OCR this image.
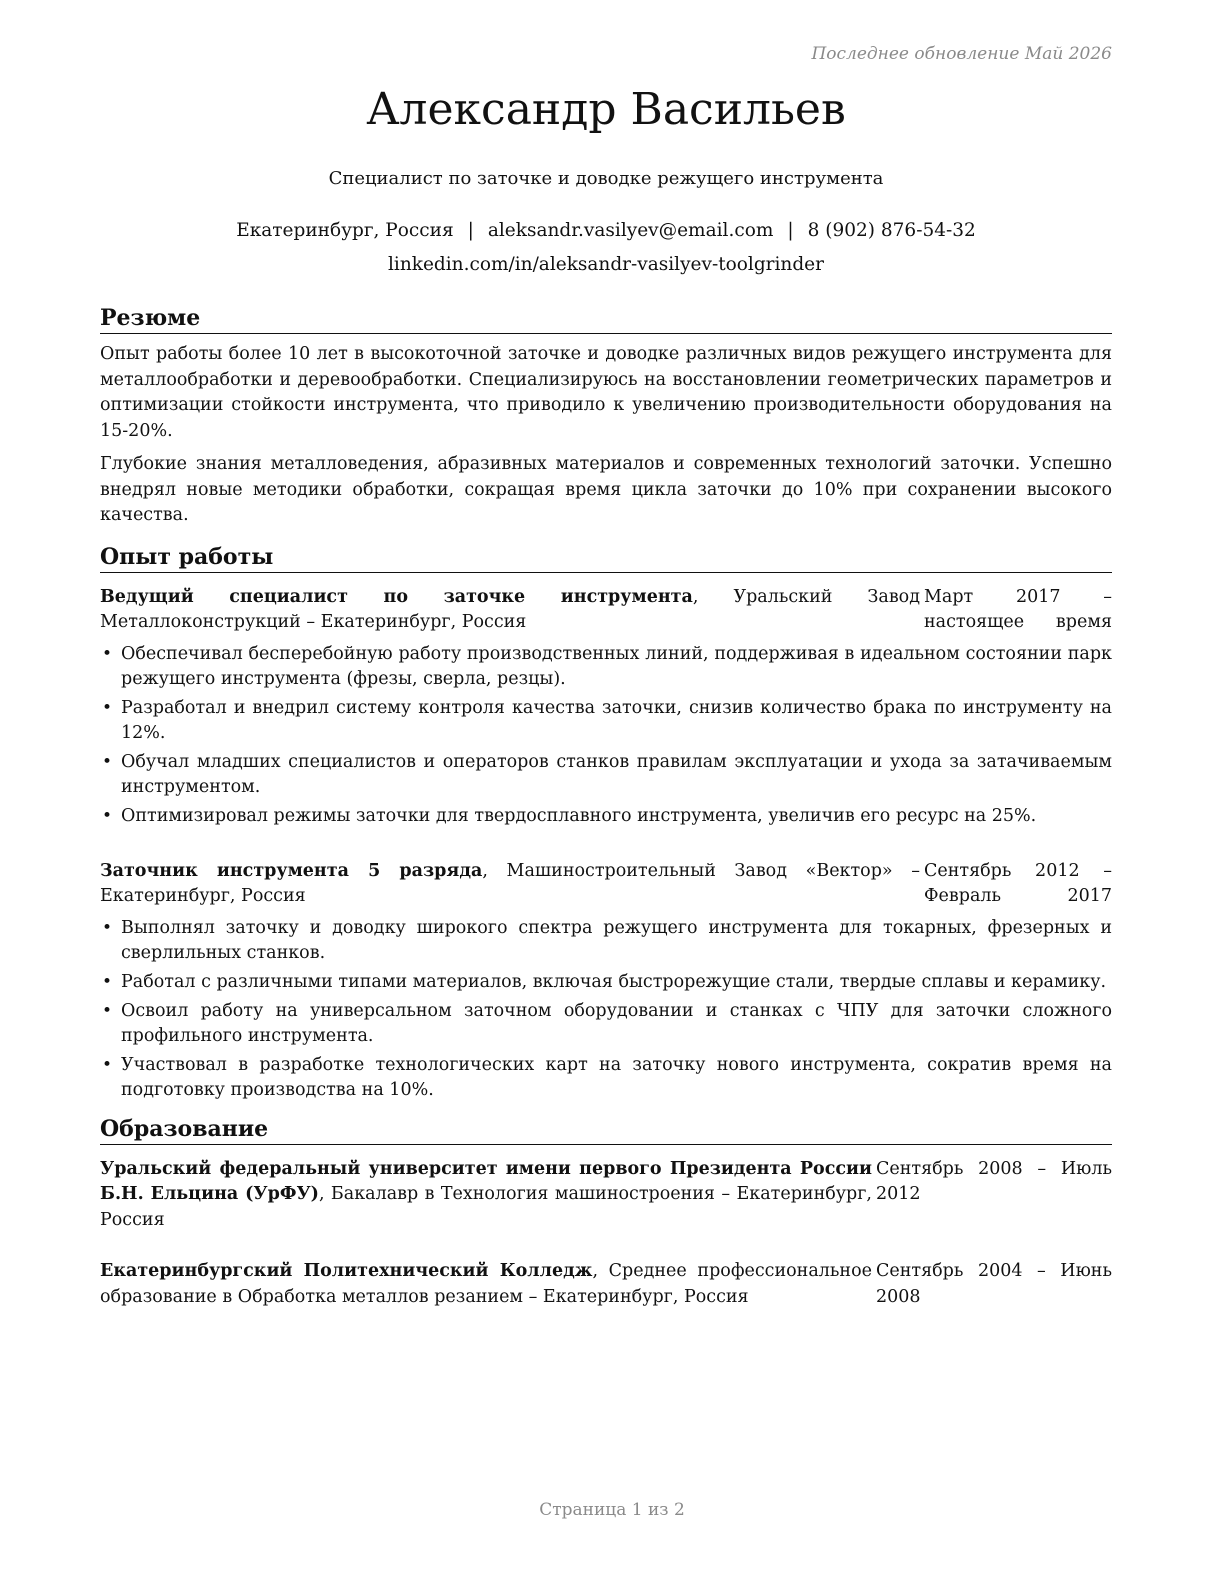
Последнее обновление Май 2026
Александр Васильев
Специалист по заточке и доводке режущего инструмента
Екатеринбург, Россия | aleksandr.vasilyev@email.com | 8 (902) 876-54-32
linkedin.com/in/aleksandr-vasilyev-toolgrinder
Резюме

Опыт работы более 10 лет в высокоточной заточке и доводке различных видов режущего инструмента для металлообработки и деревообработки. Специализируюсь на восстановлении геометрических параметров и оптимизации стойкости инструмента, что приводило к увеличению производительности оборудования на 15-20%.

Глубокие знания металловедения, абразивных материалов и современных технологий заточки. Успешно внедрял новые методики обработки, сокращая время цикла заточки до 10% при сохранении высокого качества.

Опыт работы
Ведущий специалист по заточке инструмента, Уральский Завод Металлоконструкций – Екатеринбург, Россия
Март 2017 – настоящее время
• Обеспечивал бесперебойную работу производственных линий, поддерживая в идеальном состоянии парк режущего инструмента (фрезы, сверла, резцы).
• Разработал и внедрил систему контроля качества заточки, снизив количество брака по инструменту на 12%.
• Обучал младших специалистов и операторов станков правилам эксплуатации и ухода за затачиваемым инструментом.
• Оптимизировал режимы заточки для твердосплавного инструмента, увеличив его ресурс на 25%.
Заточник инструмента 5 разряда, Машиностроительный Завод «Вектор» – Екатеринбург, Россия
Сентябрь 2012 – Февраль 2017
• Выполнял заточку и доводку широкого спектра режущего инструмента для токарных, фрезерных и сверлильных станков.
• Работал с различными типами материалов, включая быстрорежущие стали, твердые сплавы и керамику.
• Освоил работу на универсальном заточном оборудовании и станках с ЧПУ для заточки сложного профильного инструмента.
• Участвовал в разработке технологических карт на заточку нового инструмента, сократив время на подготовку производства на 10%.
Образование
Уральский федеральный университет имени первого Президента России Б.Н. Ельцина (УрФУ), Бакалавр в Технология машиностроения – Екатеринбург, Россия
Сентябрь 2008 – Июль 2012
Екатеринбургский Политехнический Колледж, Среднее профессиональное образование в Обработка металлов резанием – Екатеринбург, Россия
Сентябрь 2004 – Июнь 2008
Страница 1 из 2
